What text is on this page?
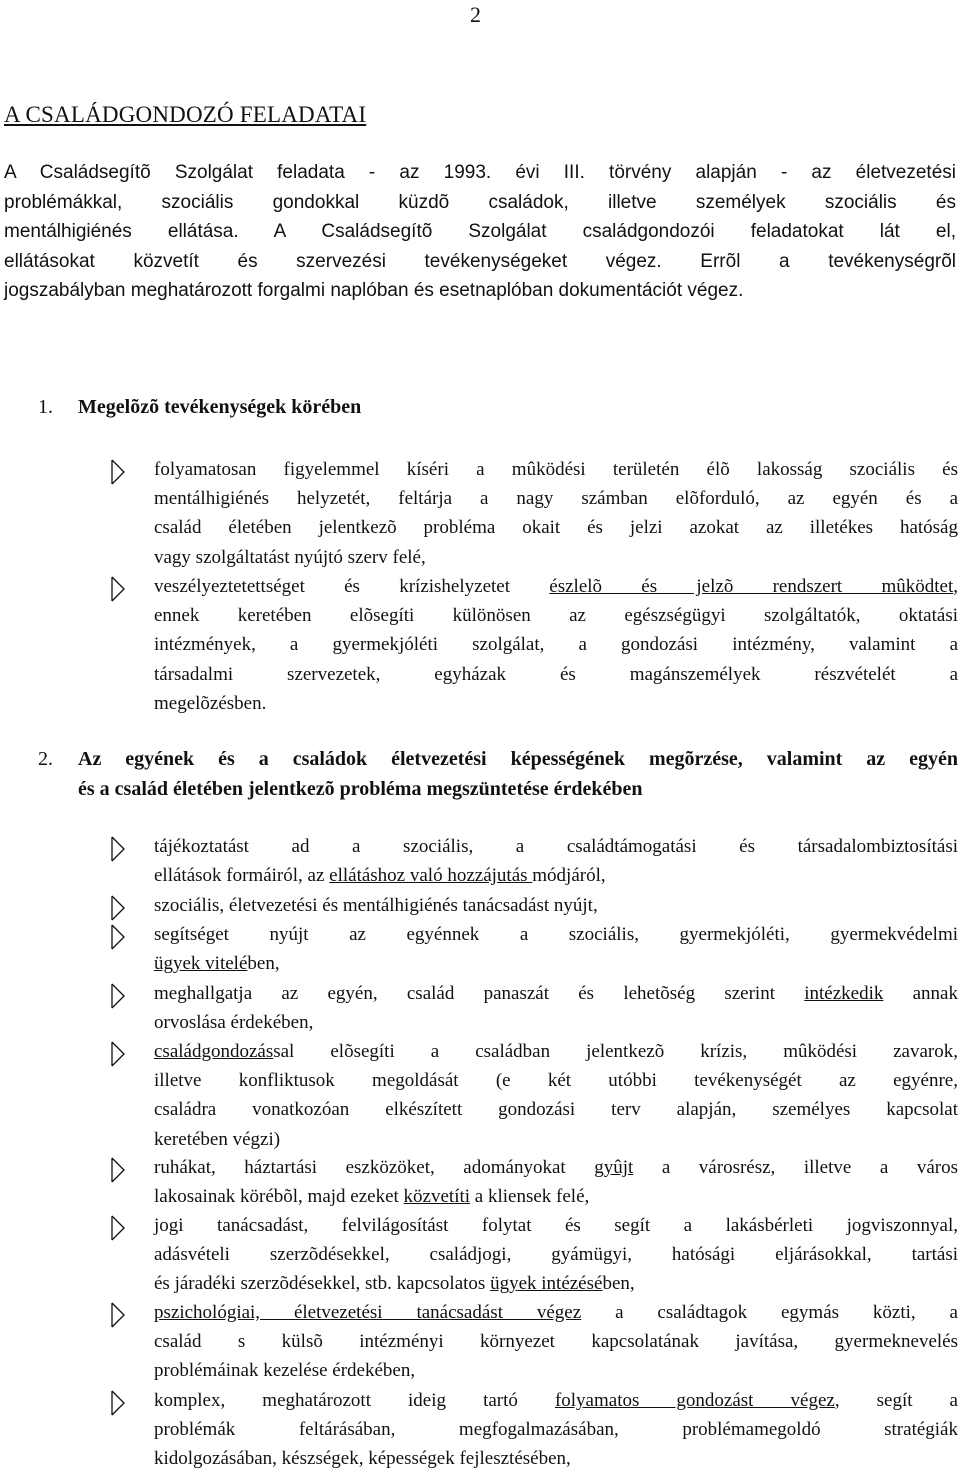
2
A CSALÁDGONDOZÓ FELADATAI
A Családsegítõ Szolgálat feladata - az 1993. évi III. törvény alapján - az életvezetési
problémákkal, szociális gondokkal küzdõ családok, illetve személyek szociális és
mentálhigiénés ellátása. A Családsegítõ Szolgálat családgondozói feladatokat lát el,
ellátásokat közvetít és szervezési tevékenységeket végez. Errõl a tevékenységrõl
jogszabályban meghatározott forgalmi naplóban és esetnaplóban dokumentációt végez.
1. Megelõzõ tevékenységek körében
folyamatosan figyelemmel kíséri a mûködési területén élõ lakosság szociális és
mentálhigiénés helyzetét, feltárja a nagy számban elõforduló, az egyén és a
család életében jelentkezõ probléma okait és jelzi azokat az illetékes hatóság
vagy szolgáltatást nyújtó szerv felé,
veszélyeztetettséget és krízishelyzetet észlelõ és jelzõ rendszert mûködtet,
ennek keretében elõsegíti különösen az egészségügyi szolgáltatók, oktatási
intézmények, a gyermekjóléti szolgálat, a gondozási intézmény, valamint a
társadalmi szervezetek, egyházak és magánszemélyek részvételét a
megelõzésben.
2. Az egyének és a családok életvezetési képességének megõrzése, valamint az egyén
és a család életében jelentkezõ probléma megszüntetése érdekében
tájékoztatást ad a szociális, a családtámogatási és társadalombiztosítási
ellátások formáiról, az ellátáshoz való hozzájutás módjáról,
szociális, életvezetési és mentálhigiénés tanácsadást nyújt,
segítséget nyújt az egyénnek a szociális, gyermekjóléti, gyermekvédelmi
ügyek vitelében,
meghallgatja az egyén, család panaszát és lehetõség szerint intézkedik annak
orvoslása érdekében,
családgondozással elõsegíti a családban jelentkezõ krízis, mûködési zavarok,
illetve konfliktusok megoldását (e két utóbbi tevékenységét az egyénre,
családra vonatkozóan elkészített gondozási terv alapján, személyes kapcsolat
keretében végzi)
ruhákat, háztartási eszközöket, adományokat gyûjt a városrész, illetve a város
lakosainak körébõl, majd ezeket közvetíti a kliensek felé,
jogi tanácsadást, felvilágosítást folytat és segít a lakásbérleti jogviszonnyal,
adásvételi szerzõdésekkel, családjogi, gyámügyi, hatósági eljárásokkal, tartási
és járadéki szerzõdésekkel, stb. kapcsolatos ügyek intézésében,
pszichológiai, életvezetési tanácsadást végez a családtagok egymás közti, a
család s külsõ intézményi környezet kapcsolatának javítása, gyermeknevelés
problémáinak kezelése érdekében,
komplex, meghatározott ideig tartó folyamatos gondozást végez, segít a
problémák feltárásában, megfogalmazásában, problémamegoldó stratégiák
kidolgozásában, készségek, képességek fejlesztésében,
